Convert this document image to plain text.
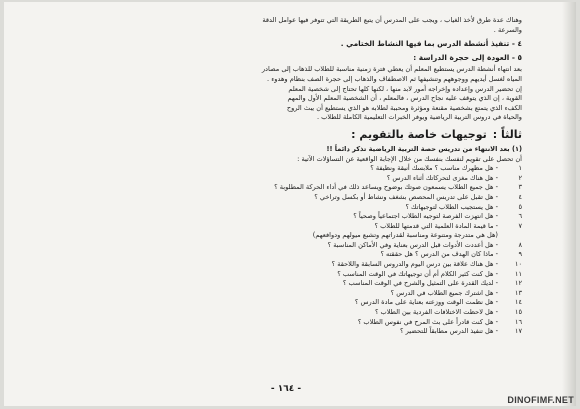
وهناك عدة طرق لأخذ الغياب ، ويجب على المدرس أن يتبع الطريقة التي تتوفر فيها عوامل الدقة

والسرعة .

٤ - تنفيذ أنشطة الدرس بما فيها النشاط الختامي .

٥ - العودة إلى حجرة الدراسة :

بعد انتهاء أنشطة الدرس يستطيع المعلم أن يعطي فترة زمنية مناسبة للطلاب للذهاب إلى مصادر

المياه لغسل أيديهم ووجوههم وتنشيفها ثم الاصطفاف والذهاب إلى حجرة الصف بنظام وهدوء .

إن تحضير الدرس وإعداده وإخراجه أمور لابد منها ، لكنها كلها تحتاج إلى شخصية المعلم

القوية ، إن الذي يتوقف عليه نجاح الدرس ، فالمعلم ، أن الشخصية المعلم الأول والمهم

الكفء الذي يتمتع بشخصية مقنعة ومؤثرة ومحببة لطلابه هو الذي يستطيع أن يبث الروح

والحياة في دروس التربية الرياضية ويوفر الخبرات التعليمية الكاملة للطلاب .

ثالثاً :
توجيهات خاصة بالتقويم :

(١) بعد الانتهاء من تدريس حصة التربية الرياضية تذكر دائماً !!

أن تحصل على تقويم لنفسك بنفسك من خلال الإجابة الواقعية عن التساؤلات الآتية :

١
- هل مظهرك مناسب ؟ ملابسك أنيقة ونظيفة ؟
٢
- هل هناك مغزى لتحركاتك أثناء الدرس ؟
٣
- هل جميع الطلاب يسمعون صوتك بوضوح ويساعد ذلك في أداء الحركة المطلوبة ؟
٤
- هل تقبل على تدريس المحصص بشغف ونشاط أو بكسل وتراخي ؟
٥
- هل يستجيب الطلاب لتوجيهاتك ؟
٦
- هل انتهزت الفرصة لتوجيه الطلاب اجتماعياً وصحياً ؟
٧
- ما قيمة المادة العلمية التي قدمتها للطلاب ؟
(هل هي متدرجة ومتنوعة ومناسبة لقدراتهم وتشبع ميولهم ودوافعهم)
٨
- هل أعددت الأدوات قبل الدرس بعناية وفي الأماكن المناسبة ؟
٩
- ماذا كان الهدف من الدرس ؟ هل حققته ؟
١٠
- هل هناك علاقة بين درس اليوم والدروس السابقة واللاحقة ؟
١١
- هل كنت كثير الكلام أم أن توجيهاتك في الوقت المناسب ؟
١٢
- لديك القدرة على التمثيل والشرح في الوقت المناسب ؟
١٣
- هل اشترك جميع الطلاب في الدرس ؟
١٤
- هل نظمت الوقت ووزعته بعناية على مادة الدرس ؟
١٥
- هل لاحظت الاختلافات الفردية بين الطلاب ؟
١٦
- هل كنت قادراً على بث المرح في نفوس الطلاب ؟
١٧
- هل تنفيذ الدرس مطابقاً للتحضير ؟
- ١٦٤ -
DINOFIMF.NET
